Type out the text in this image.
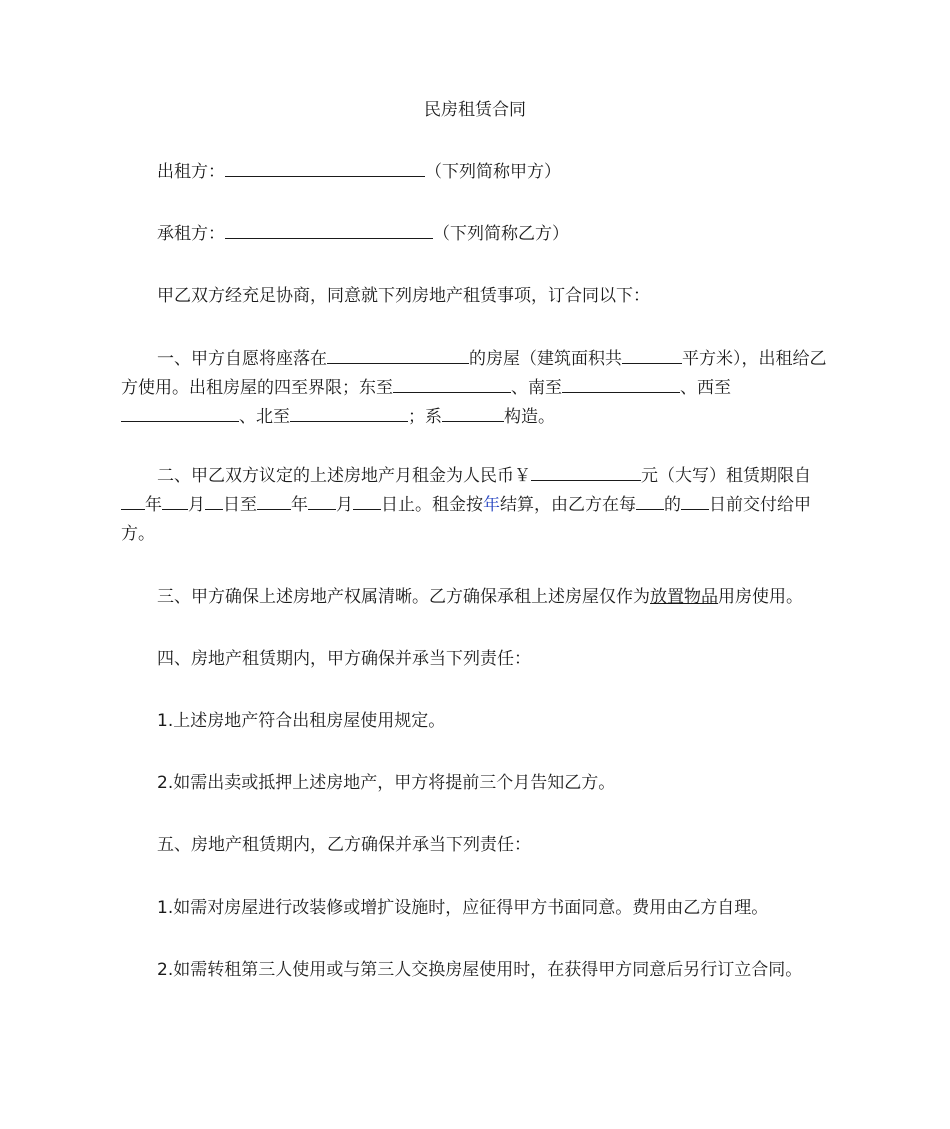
民房租赁合同
出租方：	（下列简称甲方）
承租方：	（下列简称乙方）
甲乙双方经充足协商，同意就下列房地产租赁事项，订合同以下：
一、甲方自愿将座落在	的房屋（建筑面积共	平方米），出租给乙方使用。出租房屋的四至界限；东至	、南至	、西至、北至	；系	构造。
二、甲乙双方议定的上述房地产月租金为人民币￥	元（大写）租赁期限自年 月 日至 年 月 日止。租金按年结算，由乙方在每 的 日前交付给甲方。
三、甲方确保上述房地产权属清晰。乙方确保承租上述房屋仅作为放置物品用房使用。
四、房地产租赁期内，甲方确保并承当下列责任：
1.上述房地产符合出租房屋使用规定。
2.如需出卖或抵押上述房地产，甲方将提前三个月告知乙方。
五、房地产租赁期内，乙方确保并承当下列责任：
1.如需对房屋进行改装修或增扩设施时，应征得甲方书面同意。费用由乙方自理。
2.如需转租第三人使用或与第三人交换房屋使用时，在获得甲方同意后另行订立合同。
